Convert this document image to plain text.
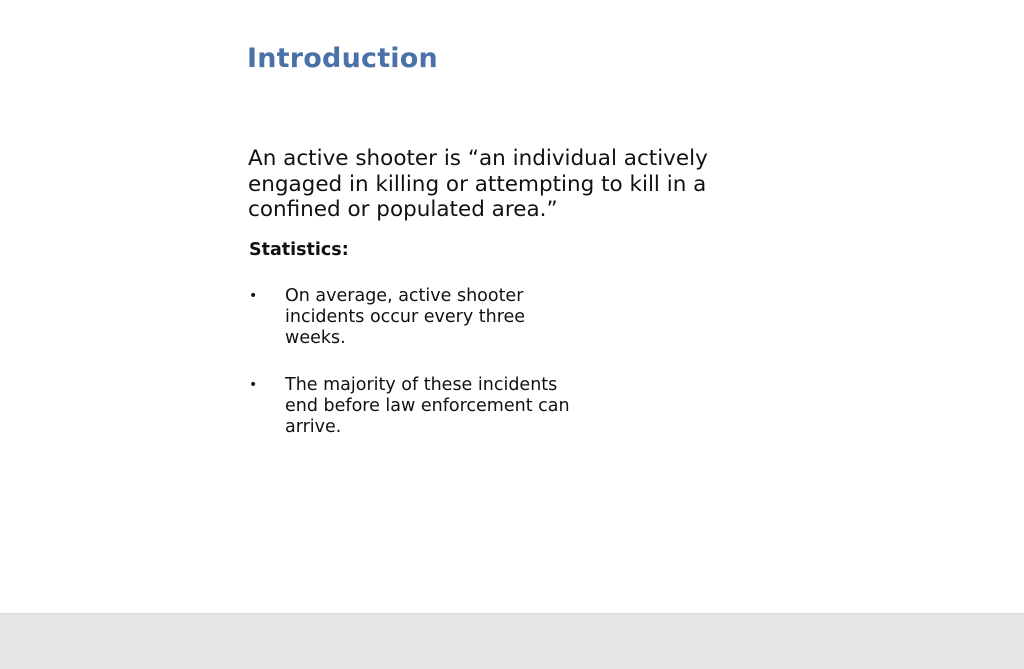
Introduction

An active shooter is “an individual actively engaged in killing or attempting to kill in a confined or populated area.”

Statistics:

• On average, active shooter incidents occur every three weeks.
• The majority of these incidents end before law enforcement can arrive.
